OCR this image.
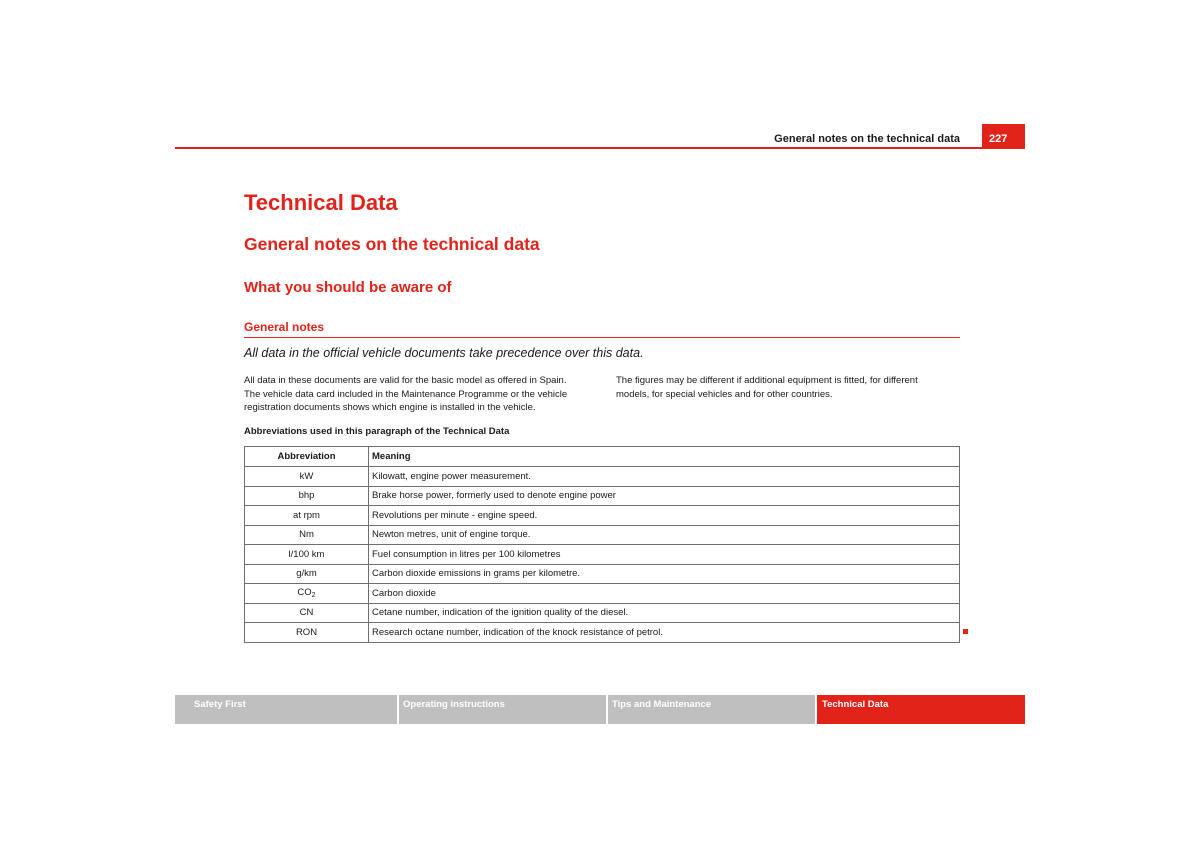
General notes on the technical data	227
Technical Data
General notes on the technical data
What you should be aware of
General notes
All data in the official vehicle documents take precedence over this data.
All data in these documents are valid for the basic model as offered in Spain.
The vehicle data card included in the Maintenance Programme or the vehicle
registration documents shows which engine is installed in the vehicle.
The figures may be different if additional equipment is fitted, for different
models, for special vehicles and for other countries.
Abbreviations used in this paragraph of the Technical Data
Abbreviation	Meaning
kW	Kilowatt, engine power measurement.
bhp	Brake horse power, formerly used to denote engine power
at rpm	Revolutions per minute - engine speed.
Nm	Newton metres, unit of engine torque.
l/100 km	Fuel consumption in litres per 100 kilometres
g/km	Carbon dioxide emissions in grams per kilometre.
$CO_2$	Carbon dioxide
CN	Cetane number, indication of the ignition quality of the diesel.
RON	Research octane number, indication of the knock resistance of petrol.
Safety First	Operating instructions	Tips and Maintenance	Technical Data
